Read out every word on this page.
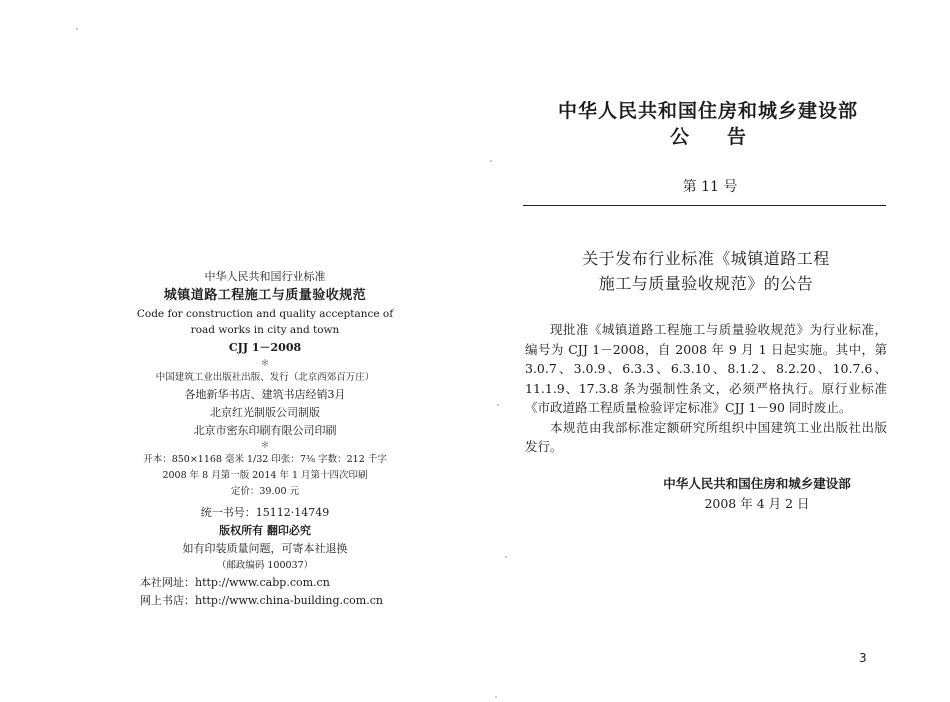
中华人民共和国行业标准

城镇道路工程施工与质量验收规范

Code for construction and quality acceptance of

road works in city and town

CJJ 1－2008

＊

中国建筑工业出版社出版、发行（北京西郊百万庄）

各地新华书店、建筑书店经销3月

北京红光制版公司制版

北京市密东印刷有限公司印刷

＊

开本：850×1168 毫米 1/32 印张：7⅜ 字数：212 千字

2008 年 8 月第一版 2014 年 1 月第十四次印刷

定价：39.00 元

统一书号：15112·14749

版权所有 翻印必究

如有印装质量问题，可寄本社退换

（邮政编码 100037）

本社网址：http://www.cabp.com.cn

网上书店：http://www.china-building.com.cn

中华人民共和国住房和城乡建设部
公 告
第 11 号
关于发布行业标准《城镇道路工程
施工与质量验收规范》的公告

现批准《城镇道路工程施工与质量验收规范》为行业标准，编号为 CJJ 1－2008，自 2008 年 9 月 1 日起实施。其中，第 3.0.7、3.0.9、6.3.3、6.3.10、8.1.2、8.2.20、10.7.6、11.1.9、17.3.8 条为强制性条文，必须严格执行。原行业标准《市政道路工程质量检验评定标准》CJJ 1－90 同时废止。

本规范由我部标准定额研究所组织中国建筑工业出版社出版发行。

中华人民共和国住房和城乡建设部
2008 年 4 月 2 日
3
